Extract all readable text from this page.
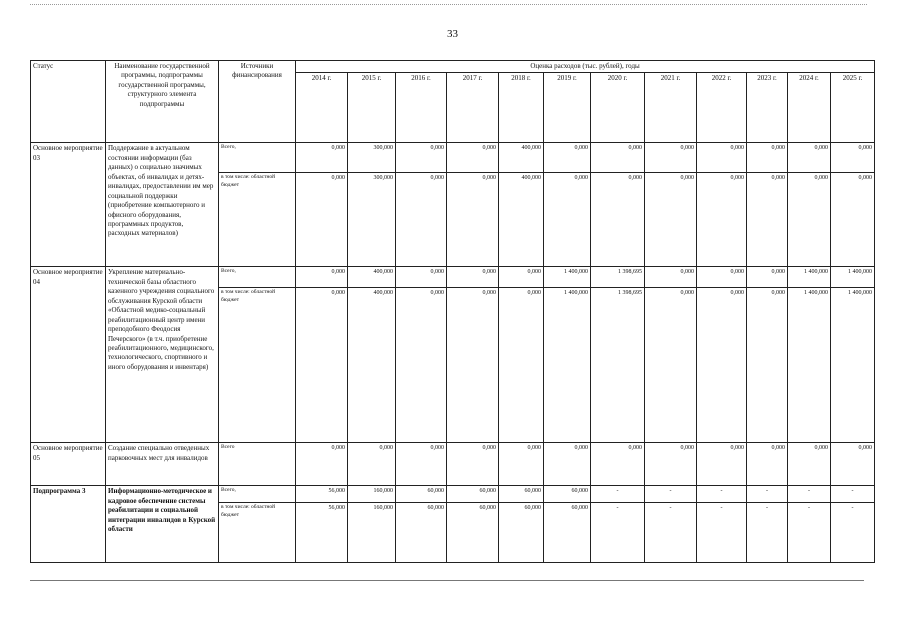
33
Статус	Наименование государственной программы, подпрограммы государственной программы, структурного элемента подпрограммы	Источники финансирования	Оценка расходов (тыс. рублей), годы											
			2014 г.	2015 г.	2016 г.	2017 г.	2018 г.	2019 г.	2020 г.	2021 г.	2022 г.	2023 г.	2024 г.	2025 г.
Основное мероприятие 03	Поддержание в актуальном состоянии информации (баз данных) о социально значимых объектах, об инвалидах и детях-инвалидах, предоставлении им мер социальной поддержки (приобретение компьютерного и офисного оборудования, программных продуктов, расходных материалов)	Всего,	0,000	300,000	0,000	0,000	400,000	0,000	0,000	0,000	0,000	0,000	0,000	0,000
		в том числе: областной бюджет	0,000	300,000	0,000	0,000	400,000	0,000	0,000	0,000	0,000	0,000	0,000	0,000
Основное мероприятие 04	Укрепление материально-технической базы областного казенного учреждения социального обслуживания Курской области «Областной медико-социальный реабилитационный центр имени преподобного Феодосия Печерского» (в т.ч. приобретение реабилитационного, медицинского, технологического, спортивного и иного оборудования и инвентаря)	Всего,	0,000	400,000	0,000	0,000	0,000	1 400,000	1 398,695	0,000	0,000	0,000	1 400,000	1 400,000
		в том числе: областной бюджет	0,000	400,000	0,000	0,000	0,000	1 400,000	1 398,695	0,000	0,000	0,000	1 400,000	1 400,000
Основное мероприятие 05	Создание специально отведенных парковочных мест для инвалидов	Всего	0,000	0,000	0,000	0,000	0,000	0,000	0,000	0,000	0,000	0,000	0,000	0,000
Подпрограмма 3	Информационно-методическое и кадровое обеспечение системы реабилитации и социальной интеграции инвалидов в Курской области	Всего,	56,000	160,000	60,000	60,000	60,000	60,000	-	-	-	-	-	-
		в том числе: областной бюджет	56,000	160,000	60,000	60,000	60,000	60,000	-	-	-	-	-	-
